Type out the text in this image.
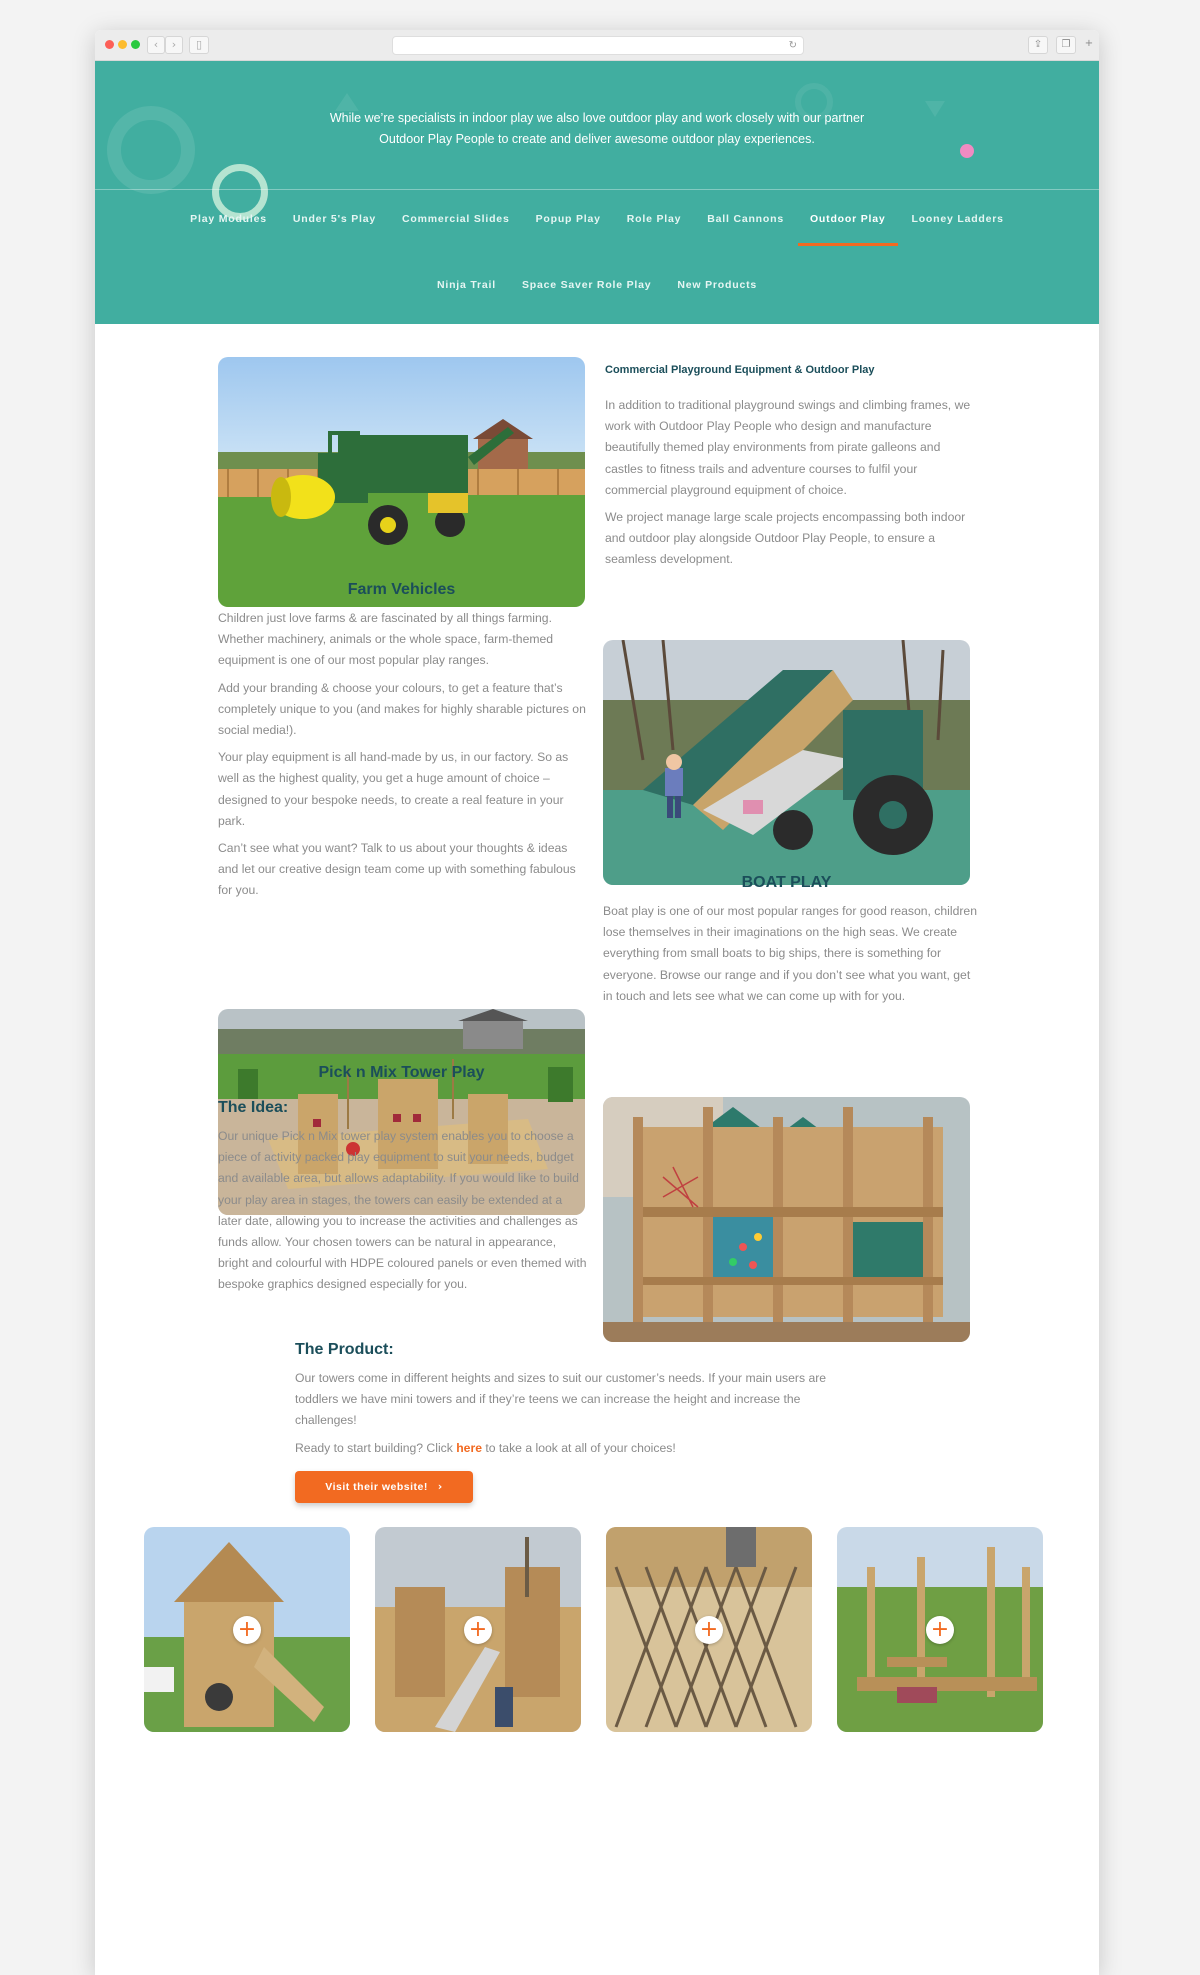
‹	›	▯	↻	⇪	❐	+
While we’re specialists in indoor play we also love outdoor play and work closely with our partner
Outdoor Play People to create and deliver awesome outdoor play experiences.
Play Modules Under 5's Play Commercial Slides Popup Play Role Play Ball Cannons Outdoor Play Looney Ladders
Ninja Trail Space Saver Role Play New Products
Commercial Playground Equipment & Outdoor Play

In addition to traditional playground swings and climbing frames, we work with Outdoor Play People who design and manufacture beautifully themed play environments from pirate galleons and castles to fitness trails and adventure courses to fulfil your commercial playground equipment of choice.

We project manage large scale projects encompassing both indoor and outdoor play alongside Outdoor Play People, to ensure a seamless development.

Farm Vehicles

Children just love farms & are fascinated by all things farming. Whether machinery, animals or the whole space, farm-themed equipment is one of our most popular play ranges.

Add your branding & choose your colours, to get a feature that’s completely unique to you (and makes for highly sharable pictures on social media!).

Your play equipment is all hand-made by us, in our factory. So as well as the highest quality, you get a huge amount of choice – designed to your bespoke needs, to create a real feature in your park.

Can’t see what you want? Talk to us about your thoughts & ideas and let our creative design team come up with something fabulous for you.	BOAT PLAY

Boat play is one of our most popular ranges for good reason, children lose themselves in their imaginations on the high seas. We create everything from small boats to big ships, there is something for everyone. Browse our range and if you don’t see what you want, get in touch and lets see what we can come up with for you.

Pick n Mix Tower Play
The Idea:

Our unique Pick n Mix tower play system enables you to choose a piece of activity packed play equipment to suit your needs, budget and available area, but allows adaptability. If you would like to build your play area in stages, the towers can easily be extended at a later date, allowing you to increase the activities and challenges as funds allow. Your chosen towers can be natural in appearance, bright and colourful with HDPE coloured panels or even themed with bespoke graphics designed especially for you.

The Product:

Our towers come in different heights and sizes to suit our customer’s needs. If your main users are toddlers we have mini towers and if they’re teens we can increase the height and increase the challenges!

Ready to start building? Click here to take a look at all of your choices!

Visit their website! ›
+	+	+	+
